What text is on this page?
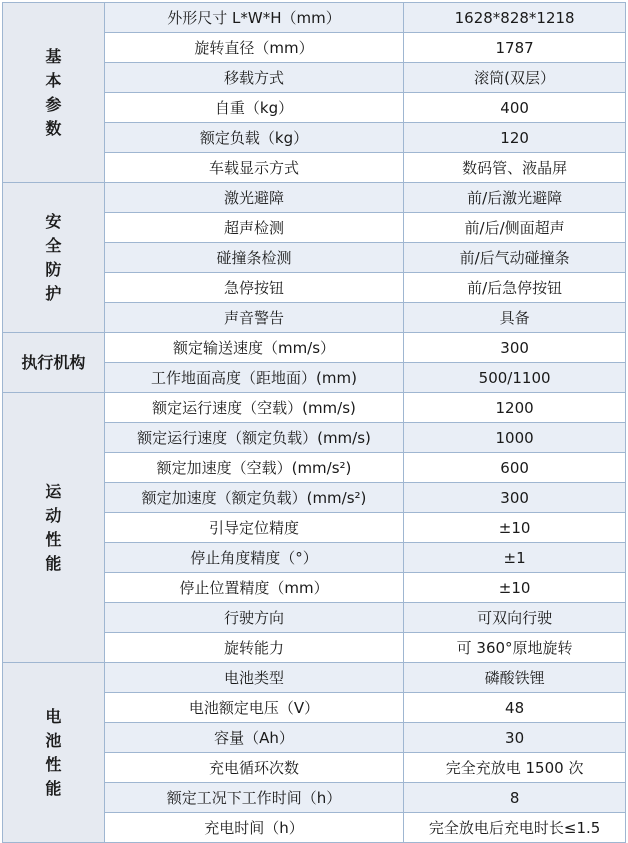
基本参数	外形尺寸 L*W*H（mm）	1628*828*1218
	旋转直径（mm）	1787
	移载方式	滚筒(双层）
	自重（kg）	400
	额定负载（kg）	120
	车载显示方式	数码管、液晶屏
安全防护	激光避障	前/后激光避障
	超声检测	前/后/侧面超声
	碰撞条检测	前/后气动碰撞条
	急停按钮	前/后急停按钮
	声音警告	具备
执行机构	额定输送速度（mm/s）	300
	工作地面高度（距地面）(mm)	500/1100
运动性能	额定运行速度（空载）(mm/s)	1200
	额定运行速度（额定负载）(mm/s)	1000
	额定加速度（空载）(mm/s²)	600
	额定加速度（额定负载）(mm/s²)	300
	引导定位精度	±10
	停止角度精度（°）	±1
	停止位置精度（mm）	±10
	行驶方向	可双向行驶
	旋转能力	可 360°原地旋转
电池性能	电池类型	磷酸铁锂
	电池额定电压（V）	48
	容量（Ah）	30
	充电循环次数	完全充放电 1500 次
	额定工况下工作时间（h）	8
	充电时间（h）	完全放电后充电时长≤1.5
